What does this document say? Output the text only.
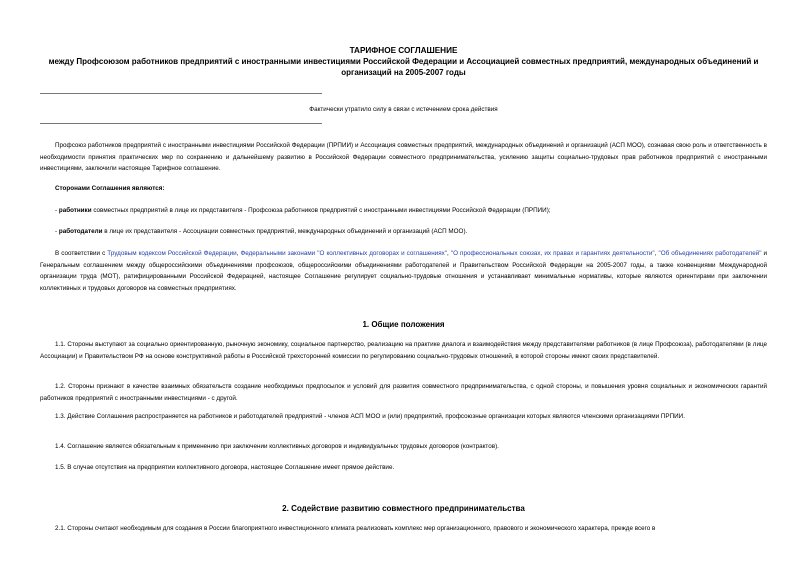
ТАРИФНОЕ СОГЛАШЕНИЕ
между Профсоюзом работников предприятий с иностранными инвестициями Российской Федерации и Ассоциацией совместных предприятий, международных объединений и организаций на 2005-2007 годы
Фактически утратило силу в связи с истечением срока действия
Профсоюз работников предприятий с иностранными инвестициями Российской Федерации (ПРПИИ) и Ассоциация совместных предприятий, международных объединений и организаций (АСП МОО), сознавая свою роль и ответственность в необходимости принятия практических мер по сохранению и дальнейшему развитию в Российской Федерации совместного предпринимательства, усилению защиты социально-трудовых прав работников предприятий с иностранными инвестициями, заключили настоящее Тарифное соглашение.
Сторонами Соглашения являются:
- работники совместных предприятий в лице их представителя - Профсоюза работников предприятий с иностранными инвестициями Российской Федерации (ПРПИИ);
- работодатели в лице их представителя - Ассоциации совместных предприятий, международных объединений и организаций (АСП МОО).
В соответствии с Трудовым кодексом Российской Федерации, Федеральными законами "О коллективных договорах и соглашениях", "О профессиональных союзах, их правах и гарантиях деятельности", "Об объединениях работодателей" и Генеральным соглашением между общероссийскими объединениями профсоюзов, общероссийскими объединениями работодателей и Правительством Российской Федерации на 2005-2007 годы, а также конвенциями Международной организации труда (МОТ), ратифицированными Российской Федерацией, настоящее Соглашение регулирует социально-трудовые отношения и устанавливает минимальные нормативы, которые являются ориентирами при заключении коллективных и трудовых договоров на совместных предприятиях.
1. Общие положения
1.1. Стороны выступают за социально ориентированную, рыночную экономику, социальное партнерство, реализацию на практике диалога и взаимодействия между представителями работников (в лице Профсоюза), работодателями (в лице Ассоциации) и Правительством РФ на основе конструктивной работы в Российской трехсторонней комиссии по регулированию социально-трудовых отношений, в которой стороны имеют своих представителей.
1.2. Стороны признают в качестве взаимных обязательств создание необходимых предпосылок и условий для развития совместного предпринимательства, с одной стороны, и повышения уровня социальных и экономических гарантий работников предприятий с иностранными инвестициями - с другой.
1.3. Действие Соглашения распространяется на работников и работодателей предприятий - членов АСП МОО и (или) предприятий, профсоюзные организации которых являются членскими организациями ПРПИИ.
1.4. Соглашение является обязательным к применению при заключении коллективных договоров и индивидуальных трудовых договоров (контрактов).
1.5. В случае отсутствия на предприятии коллективного договора, настоящее Соглашение имеет прямое действие.
2. Содействие развитию совместного предпринимательства
2.1. Стороны считают необходимым для создания в России благоприятного инвестиционного климата реализовать комплекс мер организационного, правового и экономического характера, прежде всего в
